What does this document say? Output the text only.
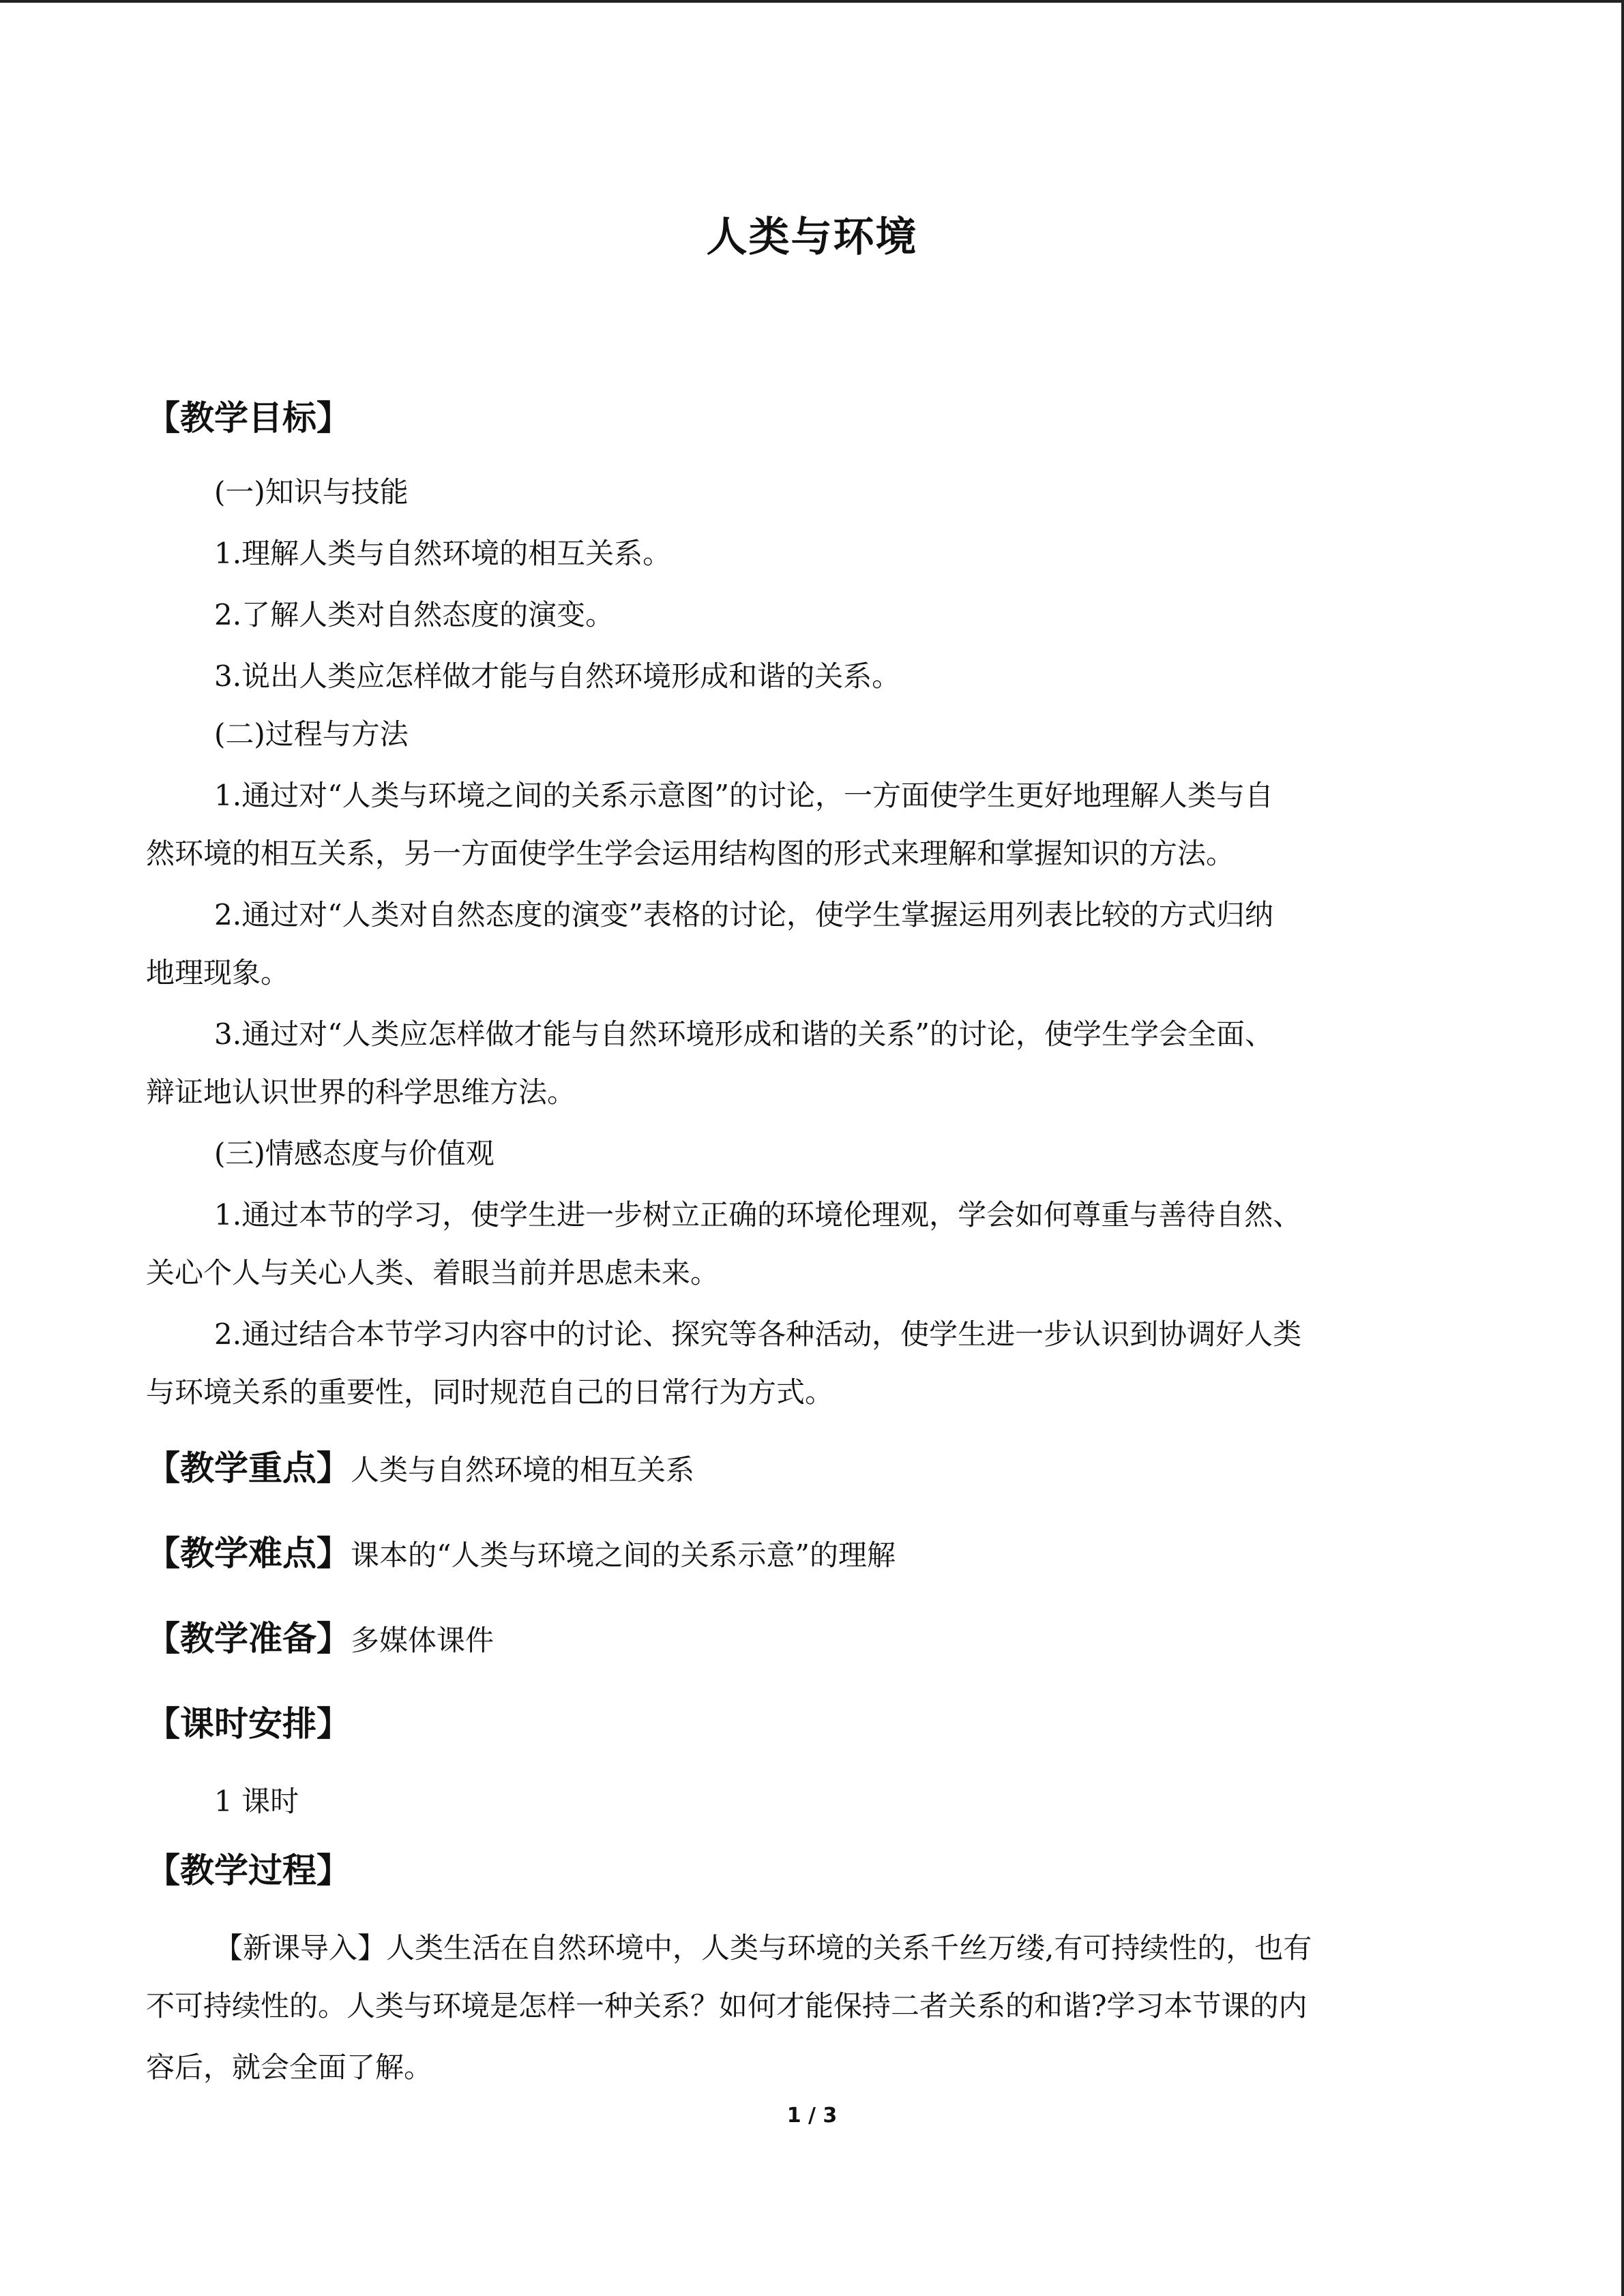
人类与环境
【教学目标】
(一)知识与技能
1.理解人类与自然环境的相互关系。
2.了解人类对自然态度的演变。
3.说出人类应怎样做才能与自然环境形成和谐的关系。
(二)过程与方法
1.通过对“人类与环境之间的关系示意图”的讨论，一方面使学生更好地理解人类与自
然环境的相互关系，另一方面使学生学会运用结构图的形式来理解和掌握知识的方法。
2.通过对“人类对自然态度的演变”表格的讨论，使学生掌握运用列表比较的方式归纳
地理现象。
3.通过对“人类应怎样做才能与自然环境形成和谐的关系”的讨论，使学生学会全面、
辩证地认识世界的科学思维方法。
(三)情感态度与价值观
1.通过本节的学习，使学生进一步树立正确的环境伦理观，学会如何尊重与善待自然、
关心个人与关心人类、着眼当前并思虑未来。
2.通过结合本节学习内容中的讨论、探究等各种活动，使学生进一步认识到协调好人类
与环境关系的重要性，同时规范自己的日常行为方式。
【教学重点】人类与自然环境的相互关系
【教学难点】课本的“人类与环境之间的关系示意”的理解
【教学准备】多媒体课件
【课时安排】
1 课时
【教学过程】
【新课导入】人类生活在自然环境中，人类与环境的关系千丝万缕,有可持续性的，也有
不可持续性的。人类与环境是怎样一种关系？如何才能保持二者关系的和谐?学习本节课的内
容后，就会全面了解。
1 / 3
